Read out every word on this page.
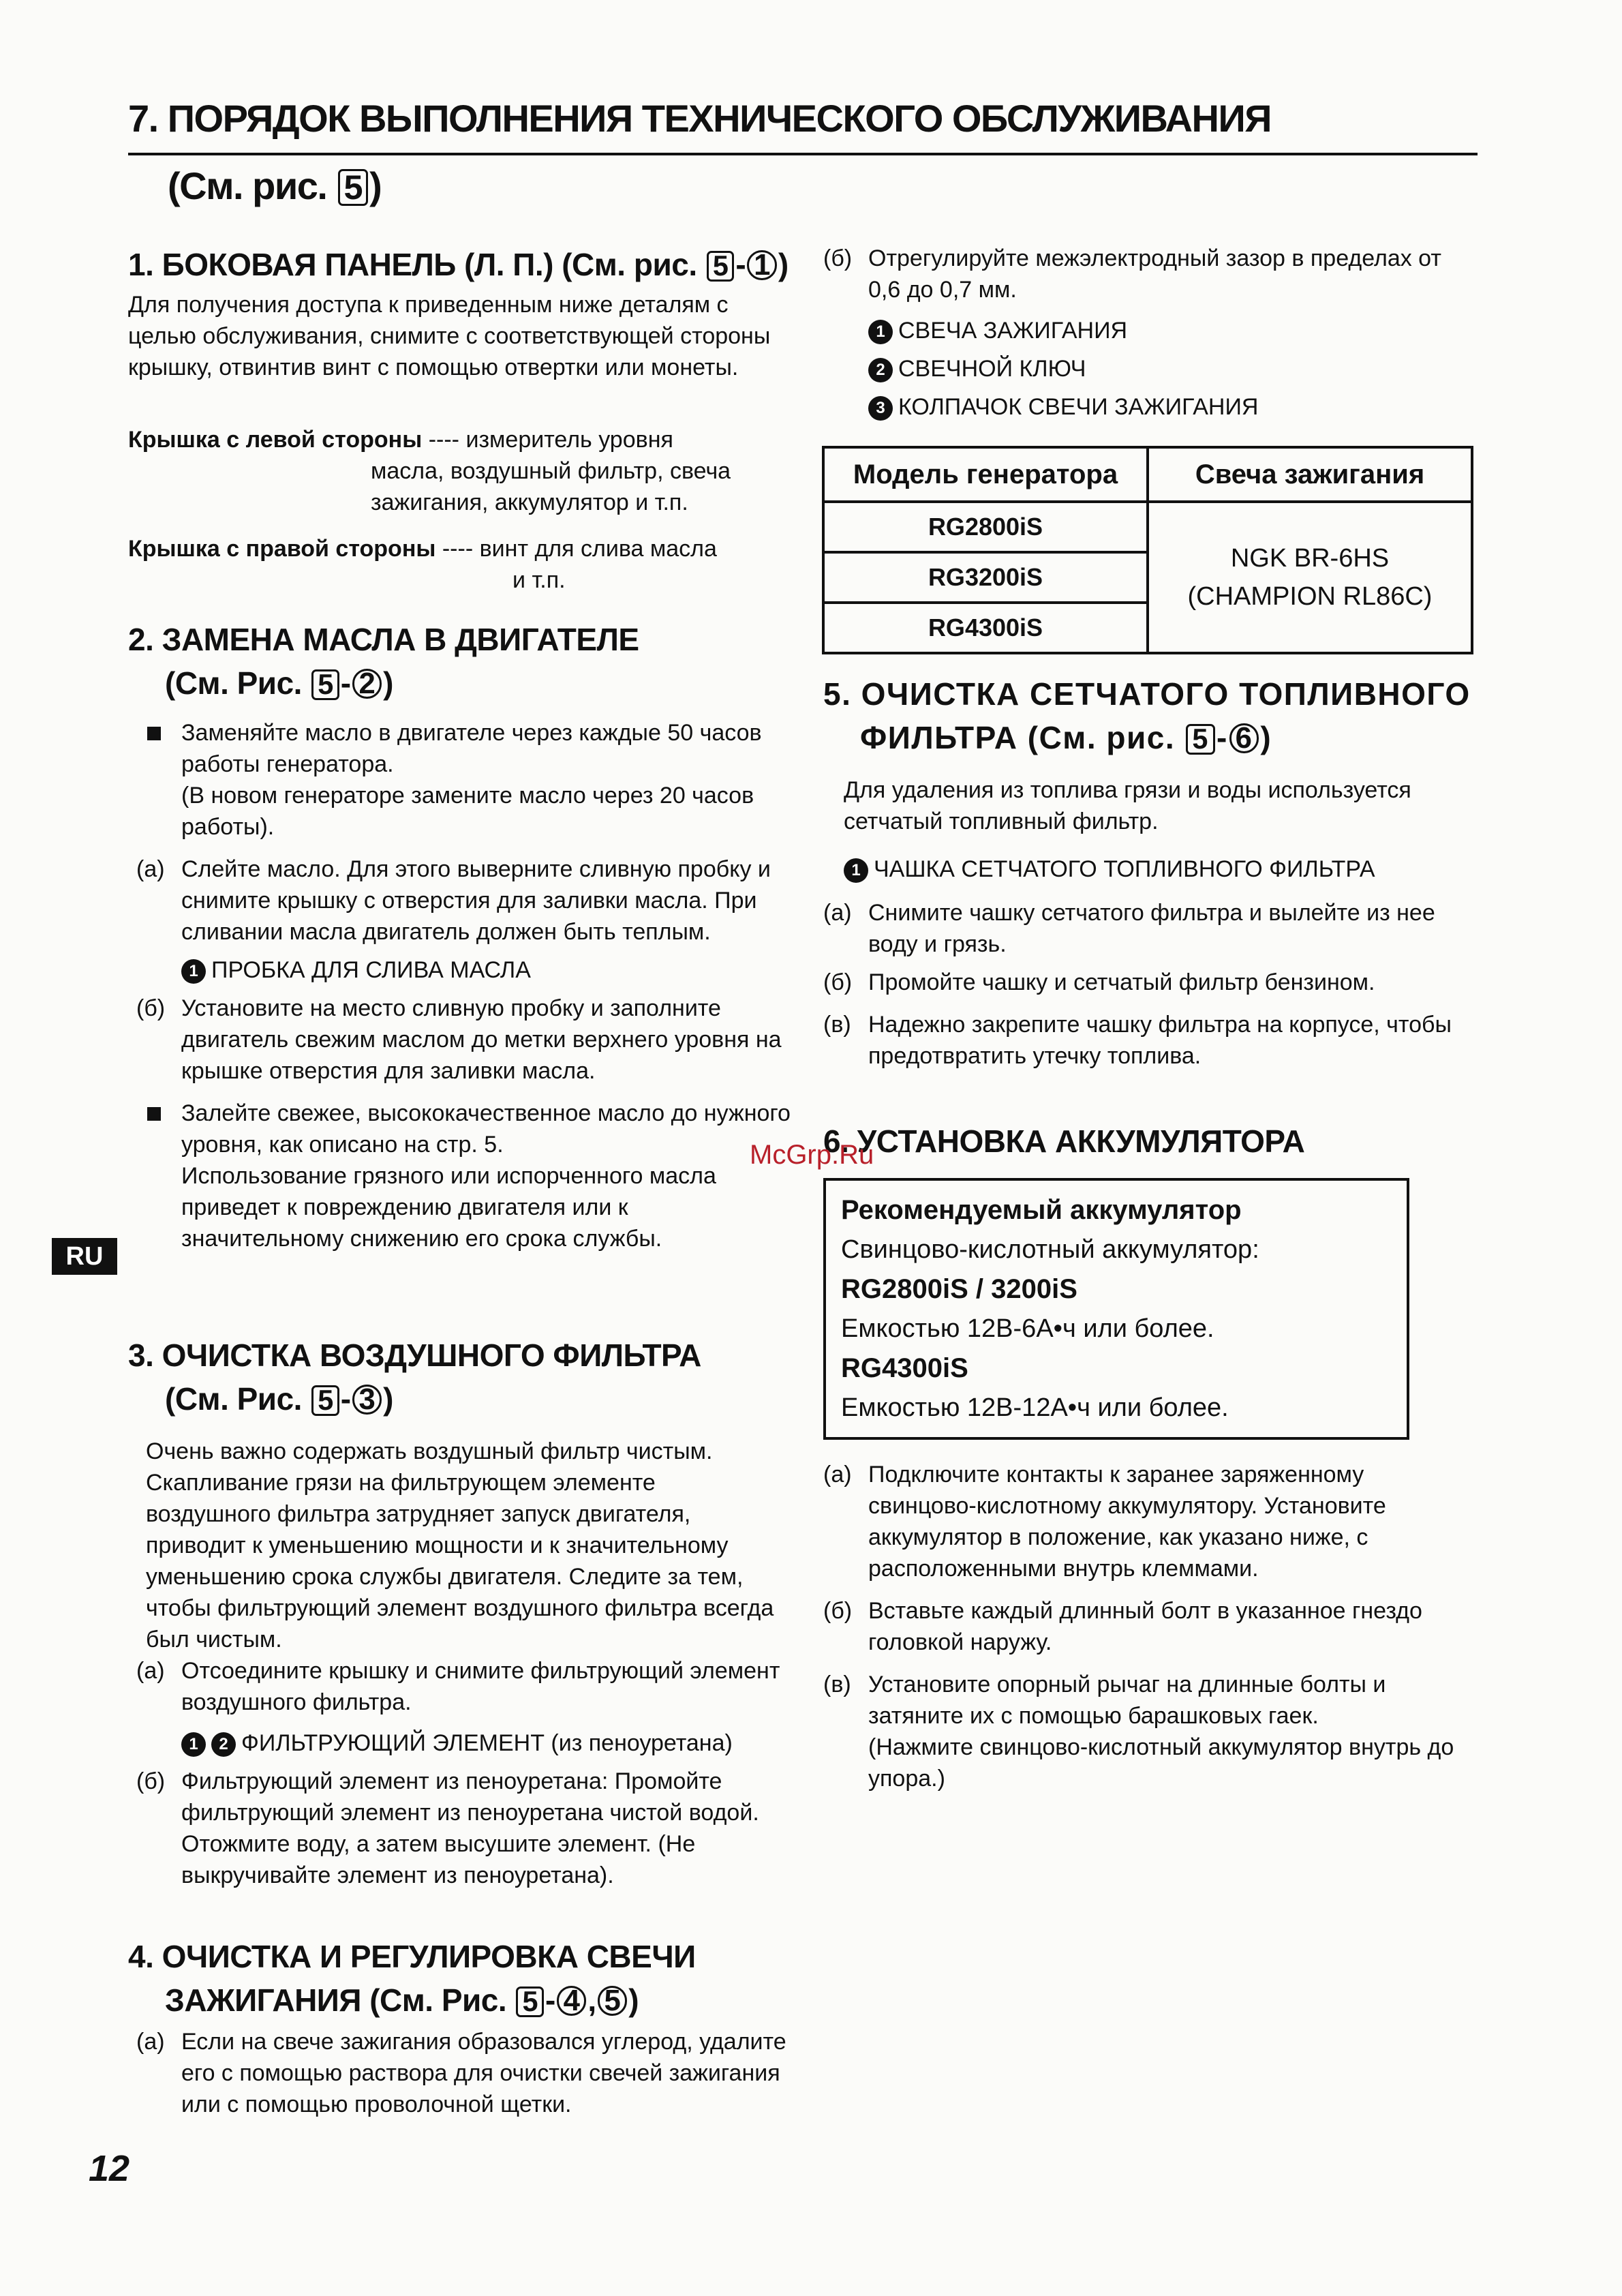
7. ПОРЯДОК ВЫПОЛНЕНИЯ ТЕХНИЧЕСКОГО ОБСЛУЖИВАНИЯ
(См. рис. 5 )
1. БОКОВАЯ ПАНЕЛЬ (Л. П.) (См. рис. 5 - 1 )
Для получения доступа к приведенным ниже деталям с целью обслуживания, снимите с соответствующей стороны крышку, отвинтив винт с помощью отвертки или монеты.
Крышка с левой стороны ---- измеритель уровня
масла, воздушный фильтр, свеча
зажигания, аккумулятор и т.п.
Крышка с правой стороны ---- винт для слива масла
и т.п.
2. ЗАМЕНА МАСЛА В ДВИГАТЕЛЕ
(См. Рис. 5 - 2 )
Заменяйте масло в двигателе через каждые 50 часов работы генератора.
(В новом генераторе замените масло через 20 часов работы).
(a) Слейте масло. Для этого выверните сливную пробку и снимите крышку с отверстия для заливки масла. При сливании масла двигатель должен быть теплым.
1 ПРОБКА ДЛЯ СЛИВА МАСЛА
(б) Установите на место сливную пробку и заполните двигатель свежим маслом до метки верхнего уровня на крышке отверстия для заливки масла.
Залейте свежее, высококачественное масло до нужного уровня, как описано на стр. 5.
Использование грязного или испорченного масла приведет к повреждению двигателя или к значительному снижению его срока службы.
3. ОЧИСТКА ВОЗДУШНОГО ФИЛЬТРА
(См. Рис. 5 - 3 )
Очень важно содержать воздушный фильтр чистым. Скапливание грязи на фильтрующем элементе воздушного фильтра затрудняет запуск двигателя, приводит к уменьшению мощности и к значительному уменьшению срока службы двигателя. Следите за тем, чтобы фильтрующий элемент воздушного фильтра всегда был чистым.
(a) Отсоедините крышку и снимите фильтрующий элемент воздушного фильтра.
1 2 ФИЛЬТРУЮЩИЙ ЭЛЕМЕНТ (из пеноуретана)
(б) Фильтрующий элемент из пеноуретана: Промойте фильтрующий элемент из пеноуретана чистой водой. Отожмите воду, а затем высушите элемент. (Не выкручивайте элемент из пеноуретана).
4. ОЧИСТКА И РЕГУЛИРОВКА СВЕЧИ
ЗАЖИГАНИЯ (См. Рис. 5 - 4 , 5 )
(a) Если на свече зажигания образовался углерод, удалите его с помощью раствора для очистки свечей зажигания или с помощью проволочной щетки.
(б) Отрегулируйте межэлектродный зазор в пределах от 0,6 до 0,7 мм.
1 СВЕЧА ЗАЖИГАНИЯ
2 СВЕЧНОЙ КЛЮЧ
3 КОЛПАЧОК СВЕЧИ ЗАЖИГАНИЯ
Модель генератора	Свеча зажигания
RG2800iS	NGK BR-6HS
(CHAMPION RL86C)

RG3200iS	
RG4300iS	
5. ОЧИСТКА СЕТЧАТОГО ТОПЛИВНОГО
ФИЛЬТРА (См. рис. 5 - 6 )
Для удаления из топлива грязи и воды используется сетчатый топливный фильтр.
1 ЧАШКА СЕТЧАТОГО ТОПЛИВНОГО ФИЛЬТРА
(a) Снимите чашку сетчатого фильтра и вылейте из нее воду и грязь.
(б) Промойте чашку и сетчатый фильтр бензином.
(в) Надежно закрепите чашку фильтра на корпусе, чтобы предотвратить утечку топлива.
6. УСТАНОВКА АККУМУЛЯТОРА
Рекомендуемый аккумулятор
Свинцово-кислотный аккумулятор:
RG2800iS / 3200iS
Емкостью 12В-6А•ч или более.
RG4300iS
Емкостью 12В-12А•ч или более.
(a) Подключите контакты к заранее заряженному свинцово-кислотному аккумулятору. Установите аккумулятор в положение, как указано ниже, с расположенными внутрь клеммами.
(б) Вставьте каждый длинный болт в указанное гнездо головкой наружу.
(в) Установите опорный рычаг на длинные болты и затяните их с помощью барашковых гаек.
(Нажмите свинцово-кислотный аккумулятор внутрь до упора.)
RU
McGrp.Ru
12
